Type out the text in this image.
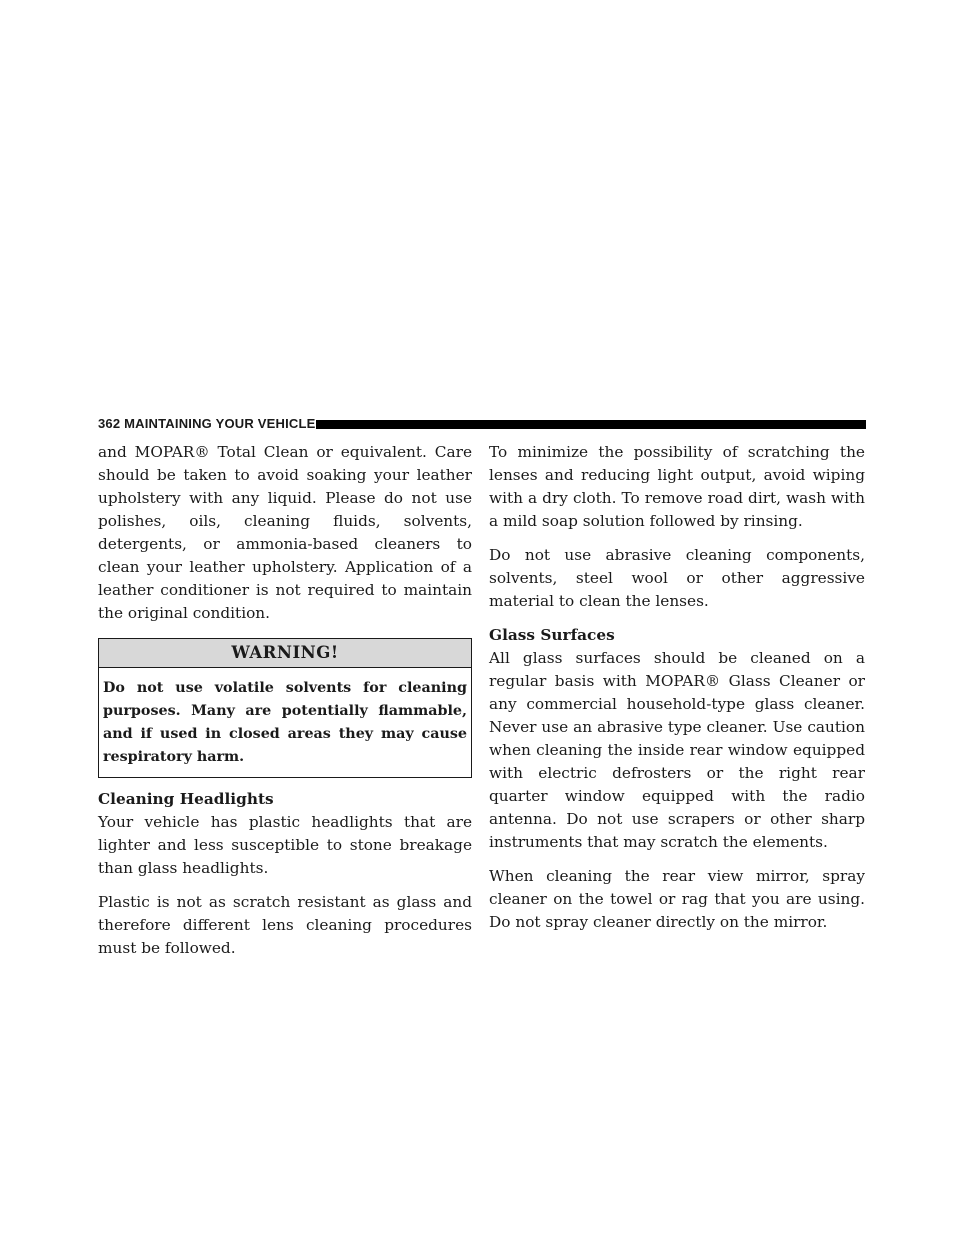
362 MAINTAINING YOUR VEHICLE

and MOPAR® Total Clean or equivalent. Care should be taken to avoid soaking your leather upholstery with any liquid. Please do not use polishes, oils, cleaning fluids, solvents, detergents, or ammonia-based cleaners to clean your leather upholstery. Application of a leather conditioner is not required to maintain the original condition.

WARNING!
Do not use volatile solvents for cleaning purposes. Many are potentially flammable, and if used in closed areas they may cause respiratory harm.
Cleaning Headlights

Your vehicle has plastic headlights that are lighter and less susceptible to stone breakage than glass headlights.

Plastic is not as scratch resistant as glass and therefore different lens cleaning procedures must be followed.

To minimize the possibility of scratching the lenses and reducing light output, avoid wiping with a dry cloth. To remove road dirt, wash with a mild soap solution followed by rinsing.

Do not use abrasive cleaning components, solvents, steel wool or other aggressive material to clean the lenses.

Glass Surfaces

All glass surfaces should be cleaned on a regular basis with MOPAR® Glass Cleaner or any commercial household-type glass cleaner. Never use an abrasive type cleaner. Use caution when cleaning the inside rear window equipped with electric defrosters or the right rear quarter window equipped with the radio antenna. Do not use scrapers or other sharp instruments that may scratch the elements.

When cleaning the rear view mirror, spray cleaner on the towel or rag that you are using. Do not spray cleaner directly on the mirror.
